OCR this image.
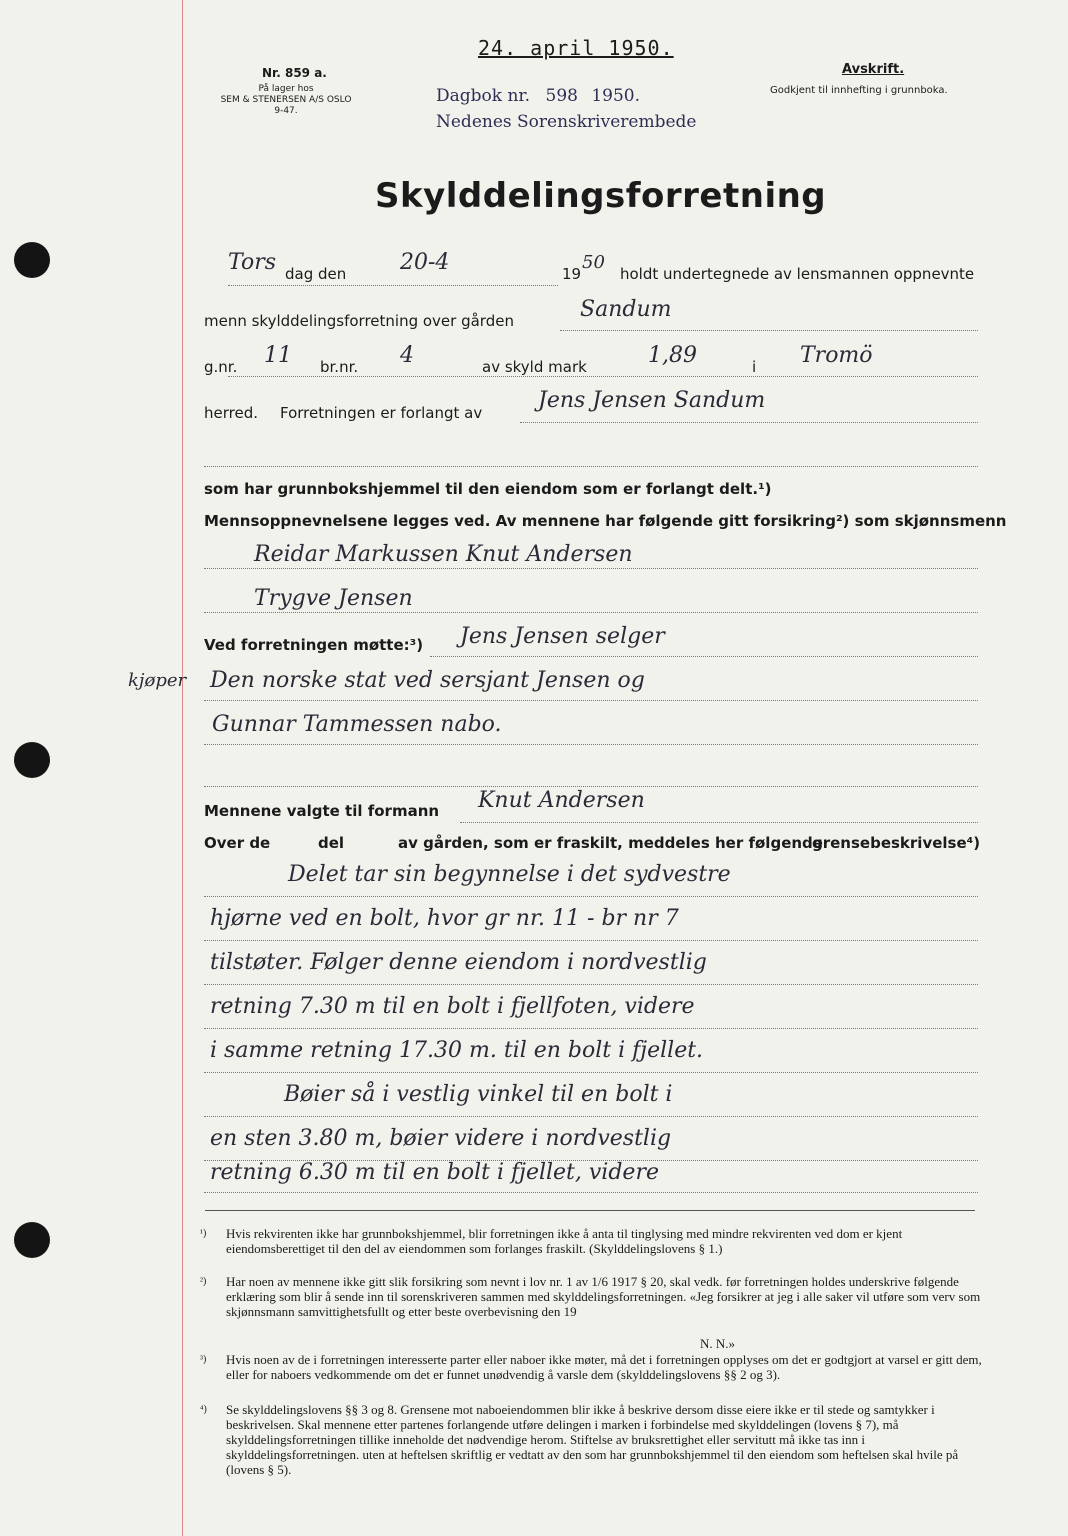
24. april 1950.
Nr. 859 a.
På lager hos
SEM & STENERSEN A/S OSLO
9-47.
Dagbok nr. 598 1950.
Nedenes Sorenskriverembede
Avskrift.
Godkjent til innhefting i grunnboka.
Skylddelingsforretning
Tors dag den 20-4	19
50
holdt undertegnede av lensmannen oppnevnte
menn skylddelingsforretning over gården	Sandum
g.nr. 11 br.nr. 4	av skyld mark	1,89	i Tromö
herred. Forretningen er forlangt av	Jens Jensen Sandum
som har grunnbokshjemmel til den eiendom som er forlangt delt.¹)
Mennsoppnevnelsene legges ved. Av mennene har følgende gitt forsikring²) som skjønnsmenn
Reidar Markussen Knut Andersen
Trygve Jensen
Ved forretningen møtte:³) Jens Jensen selger
kjøper Den norske stat ved sersjant Jensen og
Gunnar Tammessen nabo.
Mennene valgte til formann Knut Andersen
Over de	del	av gården, som er fraskilt, meddeles her følgende
grensebeskrivelse⁴)
Delet tar sin begynnelse i det sydvestre
hjørne ved en bolt, hvor gr nr. 11 - br nr 7
tilstøter. Følger denne eiendom i nordvestlig
retning 7.30 m til en bolt i fjellfoten, videre
i samme retning 17.30 m. til en bolt i fjellet.
Bøier så i vestlig vinkel til en bolt i
en sten 3.80 m, bøier videre i nordvestlig
retning 6.30 m til en bolt i fjellet, videre
¹) Hvis rekvirenten ikke har grunnbokshjemmel, blir forretningen ikke å anta til tinglysing med mindre rekvirenten ved dom er kjent eiendomsberettiget til den del av eiendommen som forlanges fraskilt. (Skylddelingslovens § 1.)
²) Har noen av mennene ikke gitt slik forsikring som nevnt i lov nr. 1 av 1/6 1917 § 20, skal vedk. før forretningen holdes underskrive følgende erklæring som blir å sende inn til sorenskriveren sammen med skylddelingsforretningen. «Jeg forsikrer at jeg i alle saker vil utføre som verv som skjønnsmann samvittighetsfullt og etter beste overbevisning den 19
N. N.»
³) Hvis noen av de i forretningen interesserte parter eller naboer ikke møter, må det i forretningen opplyses om det er godtgjort at varsel er gitt dem, eller for naboers vedkommende om det er funnet unødvendig å varsle dem (skylddelingslovens §§ 2 og 3).
⁴) Se skylddelingslovens §§ 3 og 8. Grensene mot naboeiendommen blir ikke å beskrive dersom disse eiere ikke er til stede og samtykker i beskrivelsen. Skal mennene etter partenes forlangende utføre delingen i marken i forbindelse med skylddelingen (lovens § 7), må skylddelingsforretningen tillike inneholde det nødvendige herom. Stiftelse av bruksrettighet eller servitutt må ikke tas inn i skylddelingsforretningen. uten at heftelsen skriftlig er vedtatt av den som har grunnbokshjemmel til den eiendom som heftelsen skal hvile på (lovens § 5).
